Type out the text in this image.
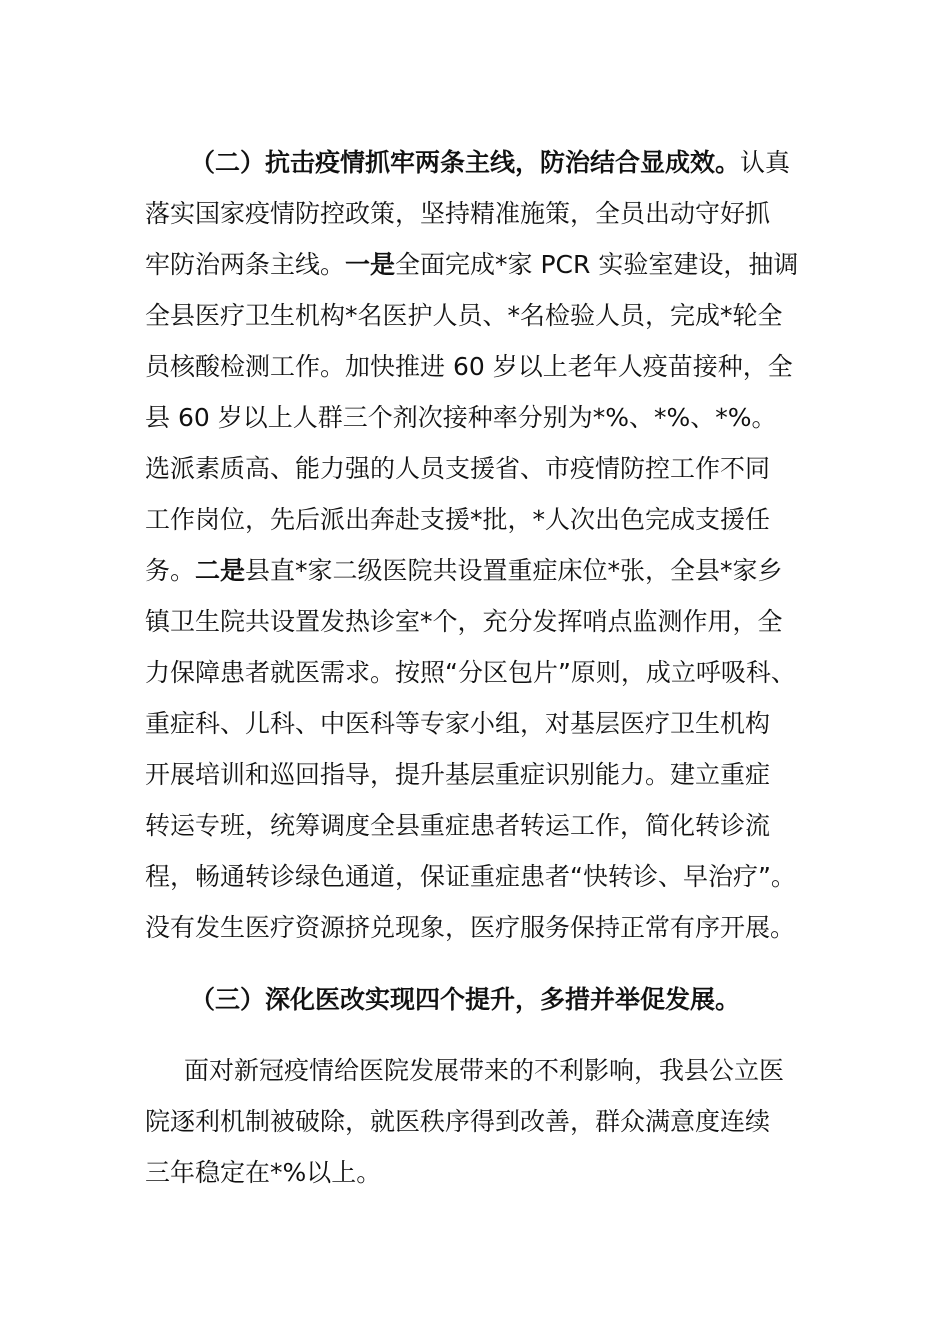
（二）抗击疫情抓牢两条主线，防治结合显成效。认真
落实国家疫情防控政策，坚持精准施策，全员出动守好抓
牢防治两条主线。一是全面完成*家 PCR 实验室建设，抽调
全县医疗卫生机构*名医护人员、*名检验人员，完成*轮全
员核酸检测工作。加快推进 60 岁以上老年人疫苗接种，全
县 60 岁以上人群三个剂次接种率分别为*%、*%、*%。
选派素质高、能力强的人员支援省、市疫情防控工作不同
工作岗位，先后派出奔赴支援*批，*人次出色完成支援任
务。二是县直*家二级医院共设置重症床位*张，全县*家乡
镇卫生院共设置发热诊室*个，充分发挥哨点监测作用，全
力保障患者就医需求。按照“分区包片”原则，成立呼吸科、
重症科、儿科、中医科等专家小组，对基层医疗卫生机构
开展培训和巡回指导，提升基层重症识别能力。建立重症
转运专班，统筹调度全县重症患者转运工作，简化转诊流
程，畅通转诊绿色通道，保证重症患者“快转诊、早治疗”。
没有发生医疗资源挤兑现象，医疗服务保持正常有序开展。
（三）深化医改实现四个提升，多措并举促发展。
面对新冠疫情给医院发展带来的不利影响，我县公立医
院逐利机制被破除，就医秩序得到改善，群众满意度连续
三年稳定在*%以上。
